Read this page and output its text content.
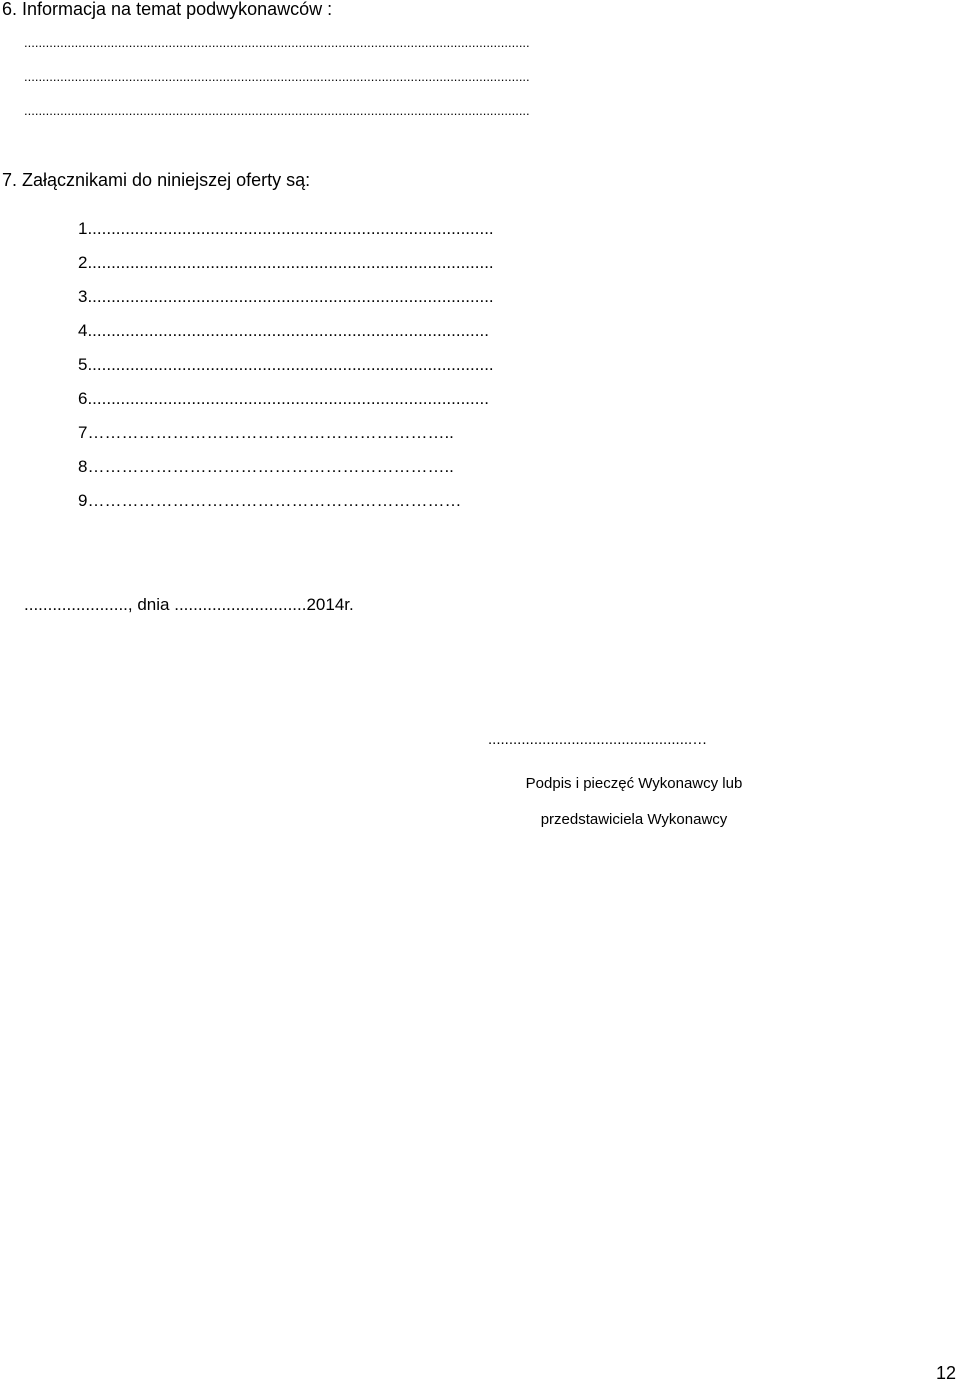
6. Informacja na temat podwykonawców :
............................................................................................................................................
............................................................................................................................................
............................................................................................................................................
7. Załącznikami do niniejszej oferty są:
1......................................................................................
2......................................................................................
3......................................................................................
4.....................................................................................
5......................................................................................
6.....................................................................................
7………………………………………………………..
8………………………………………………………..
9…………………………………………………………
......................, dnia ............................2014r.
.................................................…
Podpis i pieczęć Wykonawcy lub
przedstawiciela Wykonawcy
12
